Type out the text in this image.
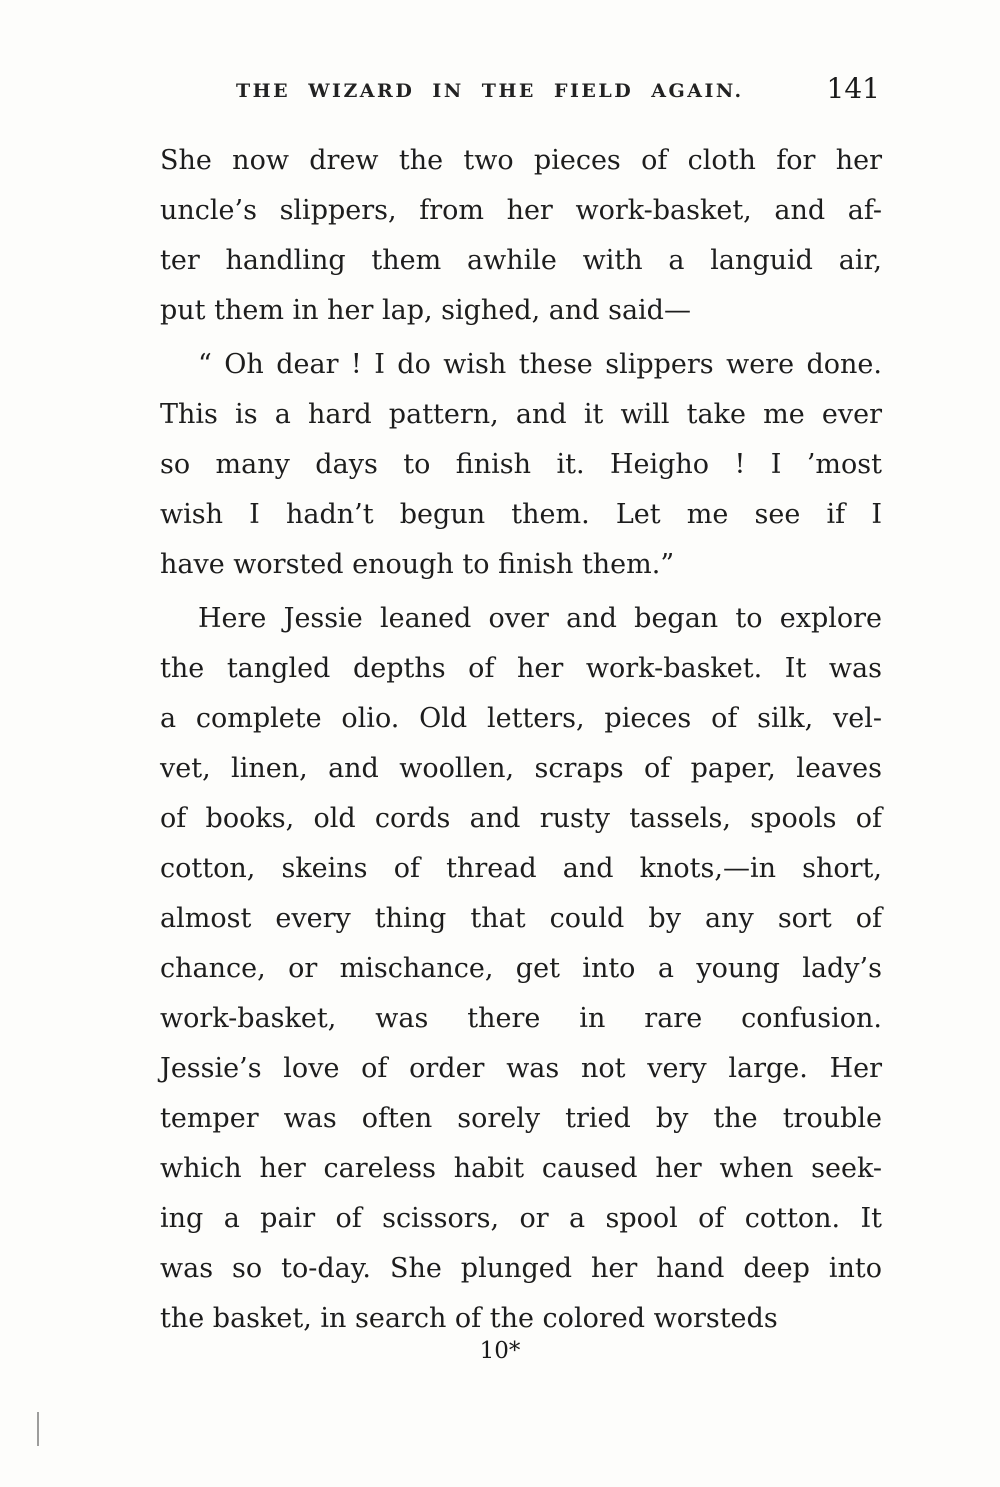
THE WIZARD IN THE FIELD AGAIN.	141
She now drew the two pieces of cloth for her
uncle’s slippers, from her work-basket, and af-
ter handling them awhile with a languid air,
put them in her lap, sighed, and said—
“ Oh dear ! I do wish these slippers were done.
This is a hard pattern, and it will take me ever
so many days to finish it. Heigho ! I ’most
wish I hadn’t begun them. Let me see if I
have worsted enough to finish them.”
Here Jessie leaned over and began to explore
the tangled depths of her work-basket. It was
a complete olio. Old letters, pieces of silk, vel-
vet, linen, and woollen, scraps of paper, leaves
of books, old cords and rusty tassels, spools of
cotton, skeins of thread and knots,—in short,
almost every thing that could by any sort of
chance, or mischance, get into a young lady’s
work-basket, was there in rare confusion.
Jessie’s love of order was not very large. Her
temper was often sorely tried by the trouble
which her careless habit caused her when seek-
ing a pair of scissors, or a spool of cotton. It
was so to-day. She plunged her hand deep into
the basket, in search of the colored worsteds
10*
